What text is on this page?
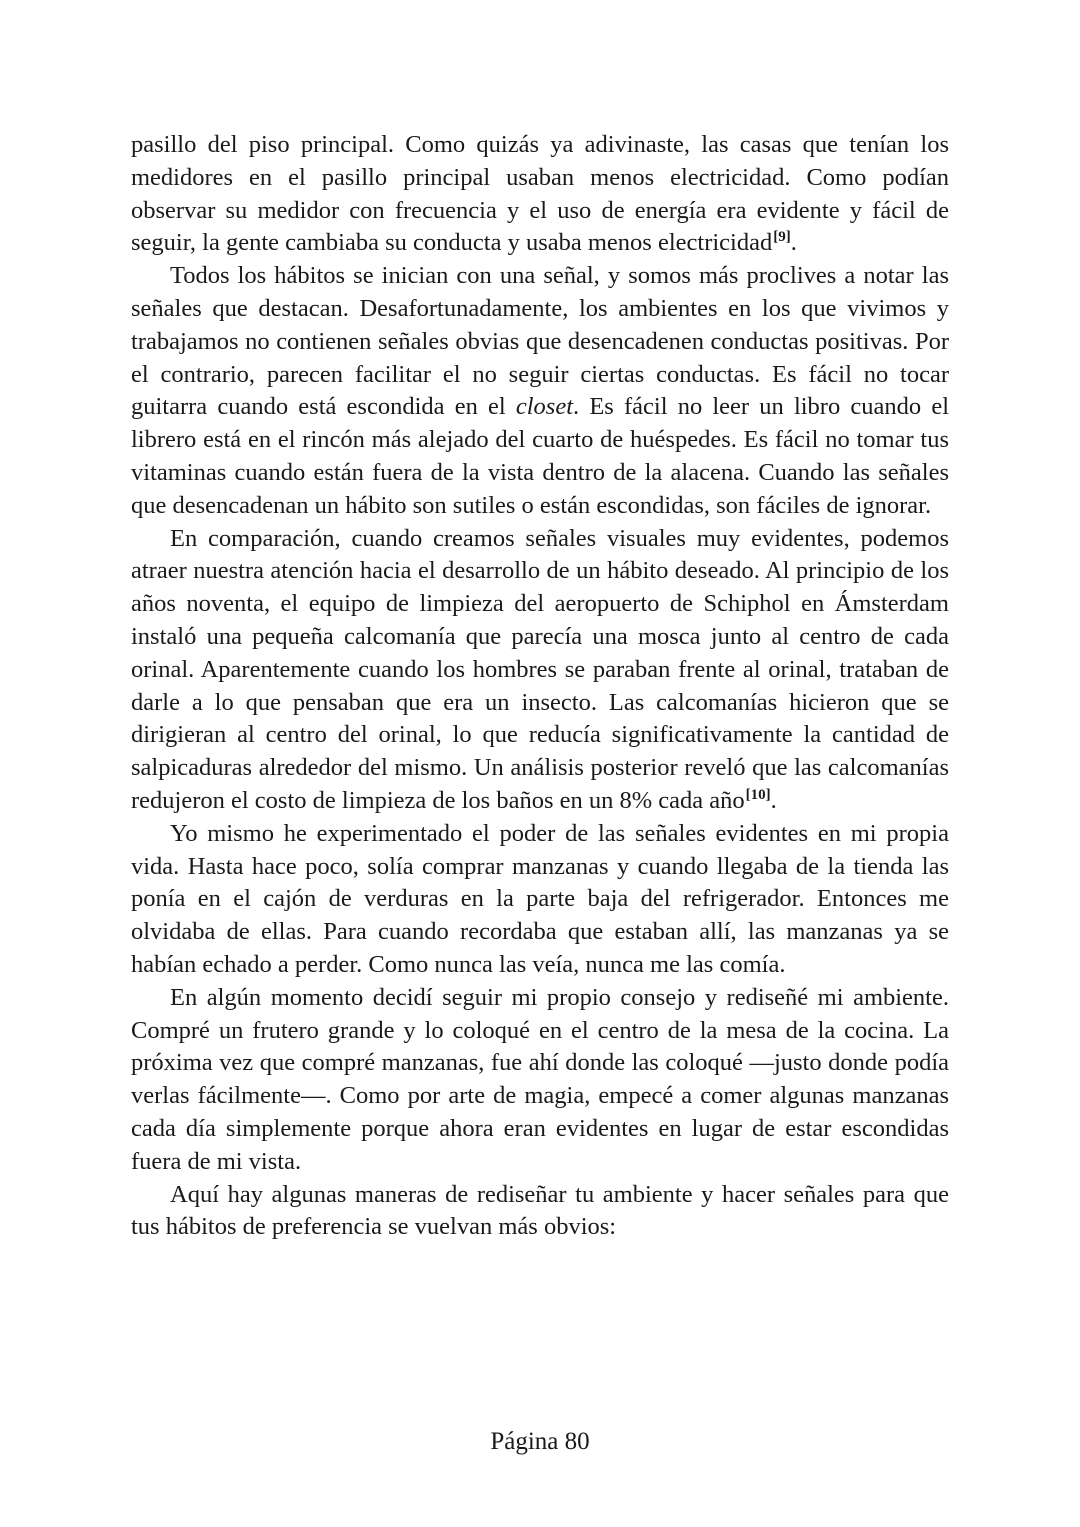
pasillo del piso principal. Como quizás ya adivinaste, las casas que tenían los medidores en el pasillo principal usaban menos electricidad. Como podían observar su medidor con frecuencia y el uso de energía era evidente y fácil de seguir, la gente cambiaba su conducta y usaba menos electricidad[9].

Todos los hábitos se inician con una señal, y somos más proclives a notar las señales que destacan. Desafortunadamente, los ambientes en los que vivimos y trabajamos no contienen señales obvias que desencadenen conductas positivas. Por el contrario, parecen facilitar el no seguir ciertas conductas. Es fácil no tocar guitarra cuando está escondida en el closet. Es fácil no leer un libro cuando el librero está en el rincón más alejado del cuarto de huéspedes. Es fácil no tomar tus vitaminas cuando están fuera de la vista dentro de la alacena. Cuando las señales que desencadenan un hábito son sutiles o están escondidas, son fáciles de ignorar.

En comparación, cuando creamos señales visuales muy evidentes, podemos atraer nuestra atención hacia el desarrollo de un hábito deseado. Al principio de los años noventa, el equipo de limpieza del aeropuerto de Schiphol en Ámsterdam instaló una pequeña calcomanía que parecía una mosca junto al centro de cada orinal. Aparentemente cuando los hombres se paraban frente al orinal, trataban de darle a lo que pensaban que era un insecto. Las calcomanías hicieron que se dirigieran al centro del orinal, lo que reducía significativamente la cantidad de salpicaduras alrededor del mismo. Un análisis posterior reveló que las calcomanías redujeron el costo de limpieza de los baños en un 8% cada año[10].

Yo mismo he experimentado el poder de las señales evidentes en mi propia vida. Hasta hace poco, solía comprar manzanas y cuando llegaba de la tienda las ponía en el cajón de verduras en la parte baja del refrigerador. Entonces me olvidaba de ellas. Para cuando recordaba que estaban allí, las manzanas ya se habían echado a perder. Como nunca las veía, nunca me las comía.

En algún momento decidí seguir mi propio consejo y rediseñé mi ambiente. Compré un frutero grande y lo coloqué en el centro de la mesa de la cocina. La próxima vez que compré manzanas, fue ahí donde las coloqué —justo donde podía verlas fácilmente—. Como por arte de magia, empecé a comer algunas manzanas cada día simplemente porque ahora eran evidentes en lugar de estar escondidas fuera de mi vista.

Aquí hay algunas maneras de rediseñar tu ambiente y hacer señales para que tus hábitos de preferencia se vuelvan más obvios:

Página 80
